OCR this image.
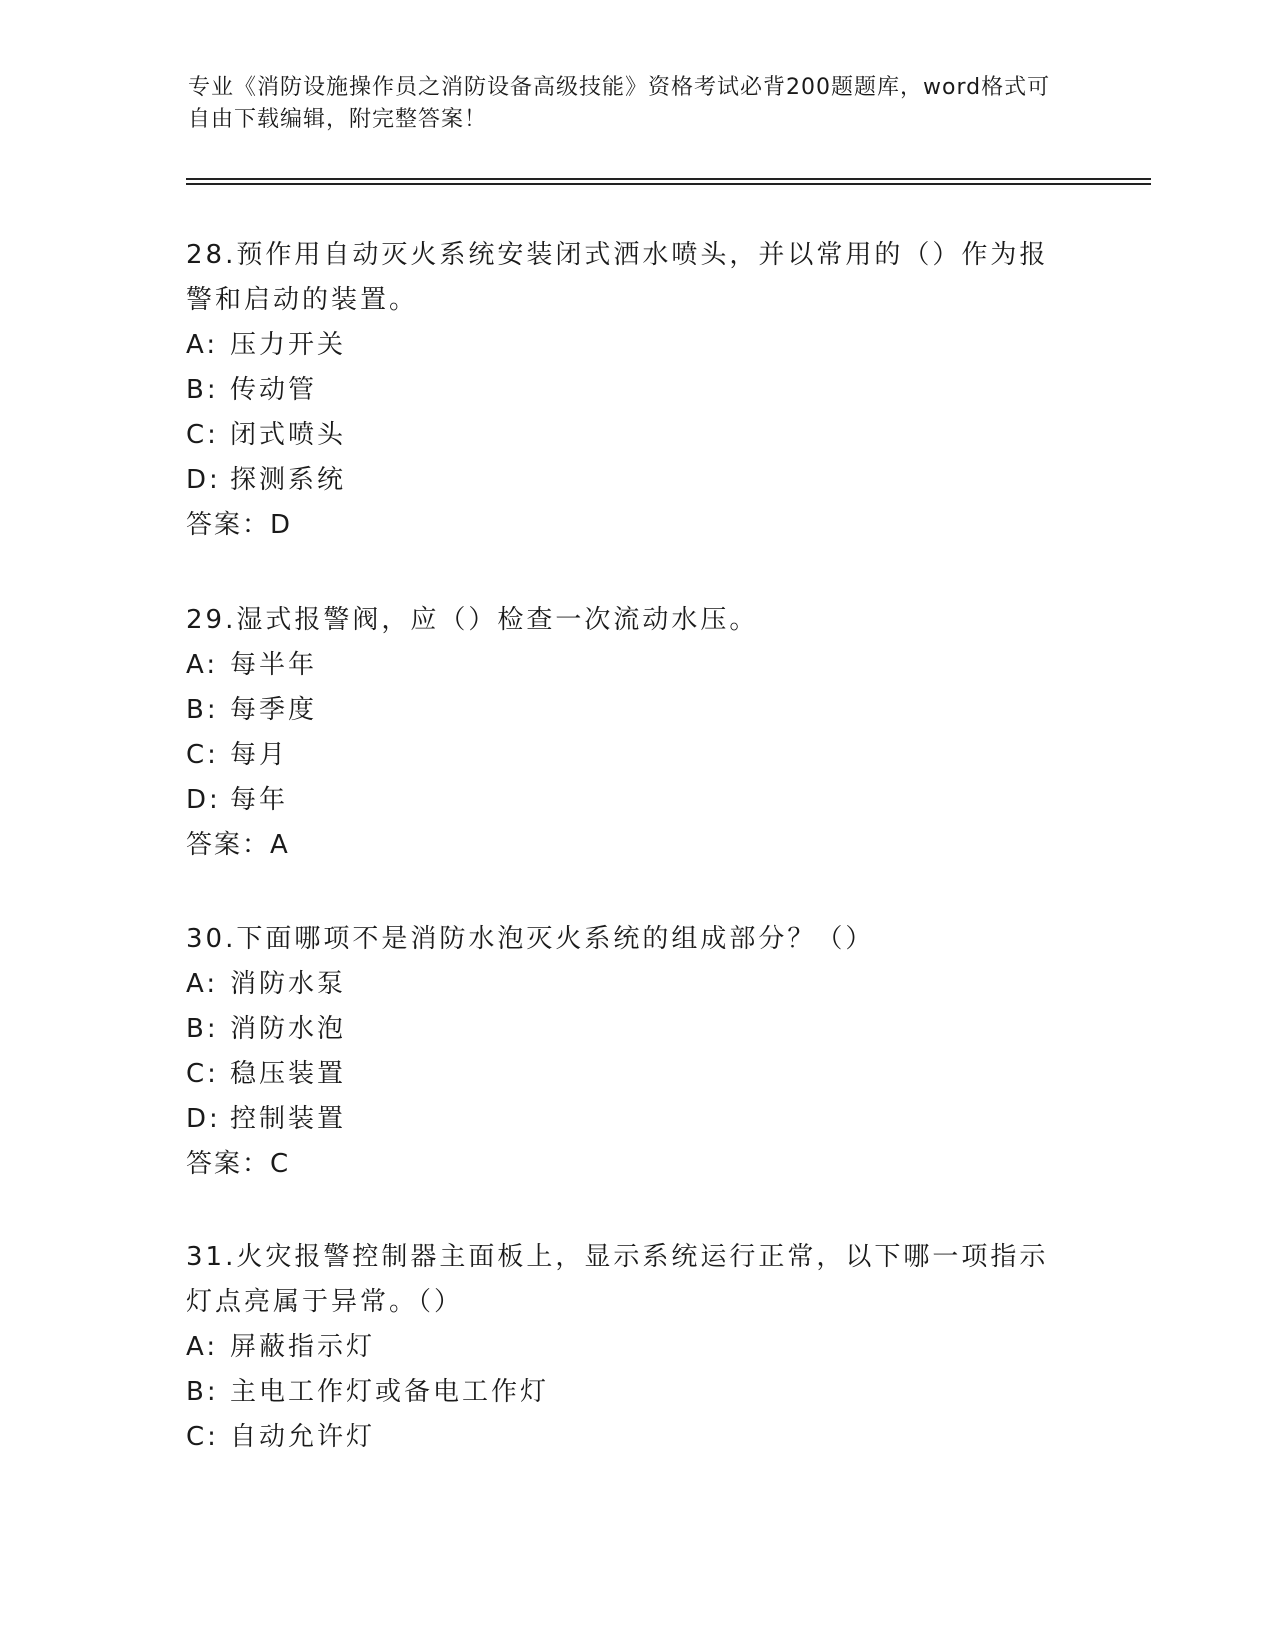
专业《消防设施操作员之消防设备高级技能》资格考试必背200题题库，word格式可自由下载编辑，附完整答案！

28.预作用自动灭火系统安装闭式洒水喷头，并以常用的（）作为报警和启动的装置。

A: 压力开关

B: 传动管

C: 闭式喷头

D: 探测系统

答案：D

29.湿式报警阀，应（）检查一次流动水压。

A: 每半年

B: 每季度

C: 每月

D: 每年

答案：A

30.下面哪项不是消防水泡灭火系统的组成部分？（）

A: 消防水泵

B: 消防水泡

C: 稳压装置

D: 控制装置

答案：C

31.火灾报警控制器主面板上，显示系统运行正常，以下哪一项指示灯点亮属于异常。（）

A: 屏蔽指示灯

B: 主电工作灯或备电工作灯

C: 自动允许灯
